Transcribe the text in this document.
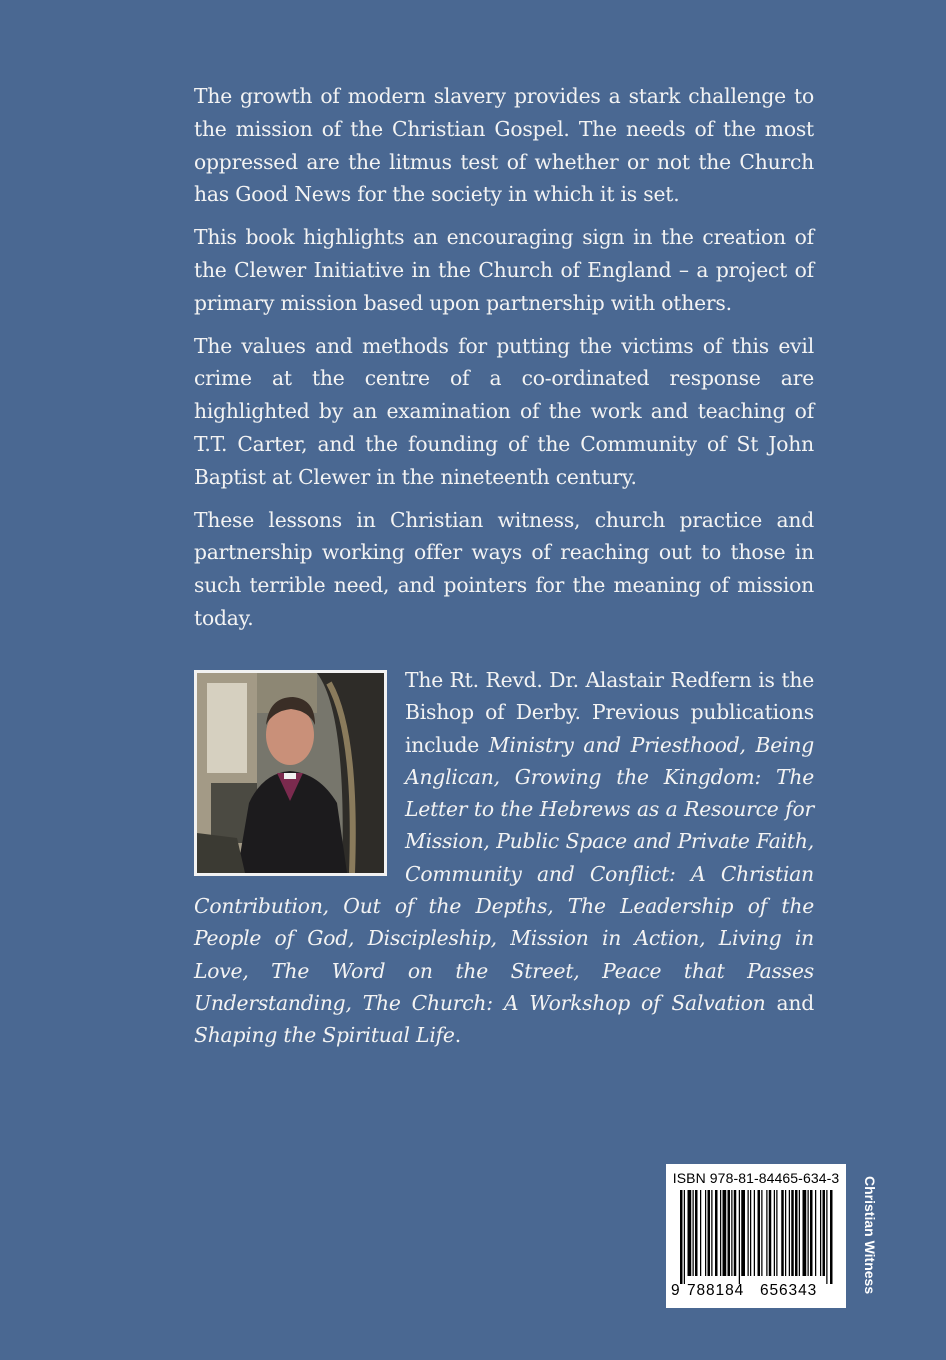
The growth of modern slavery provides a stark challenge to the mission of the Christian Gospel. The needs of the most oppressed are the litmus test of whether or not the Church has Good News for the society in which it is set.

This book highlights an encouraging sign in the creation of the Clewer Initiative in the Church of England – a project of primary mission based upon partnership with others.

The values and methods for putting the victims of this evil crime at the centre of a co-ordinated response are highlighted by an examination of the work and teaching of T.T. Carter, and the founding of the Community of St John Baptist at Clewer in the nineteenth century.

These lessons in Christian witness, church practice and partnership working offer ways of reaching out to those in such terrible need, and pointers for the meaning of mission today.

The Rt. Revd. Dr. Alastair Redfern is the Bishop of Derby. Previous publications include Ministry and Priesthood, Being Anglican, Growing the Kingdom: The Letter to the Hebrews as a Resource for Mission, Public Space and Private Faith, Community and Conflict: A Christian Contribution, Out of the Depths, The Leadership of the People of God, Discipleship, Mission in Action, Living in Love, The Word on the Street, Peace that Passes Understanding, The Church: A Workshop of Salvation and Shaping the Spiritual Life.
ISBN 978-81-84465-634-3
9 788184 656343	Christian Witness
